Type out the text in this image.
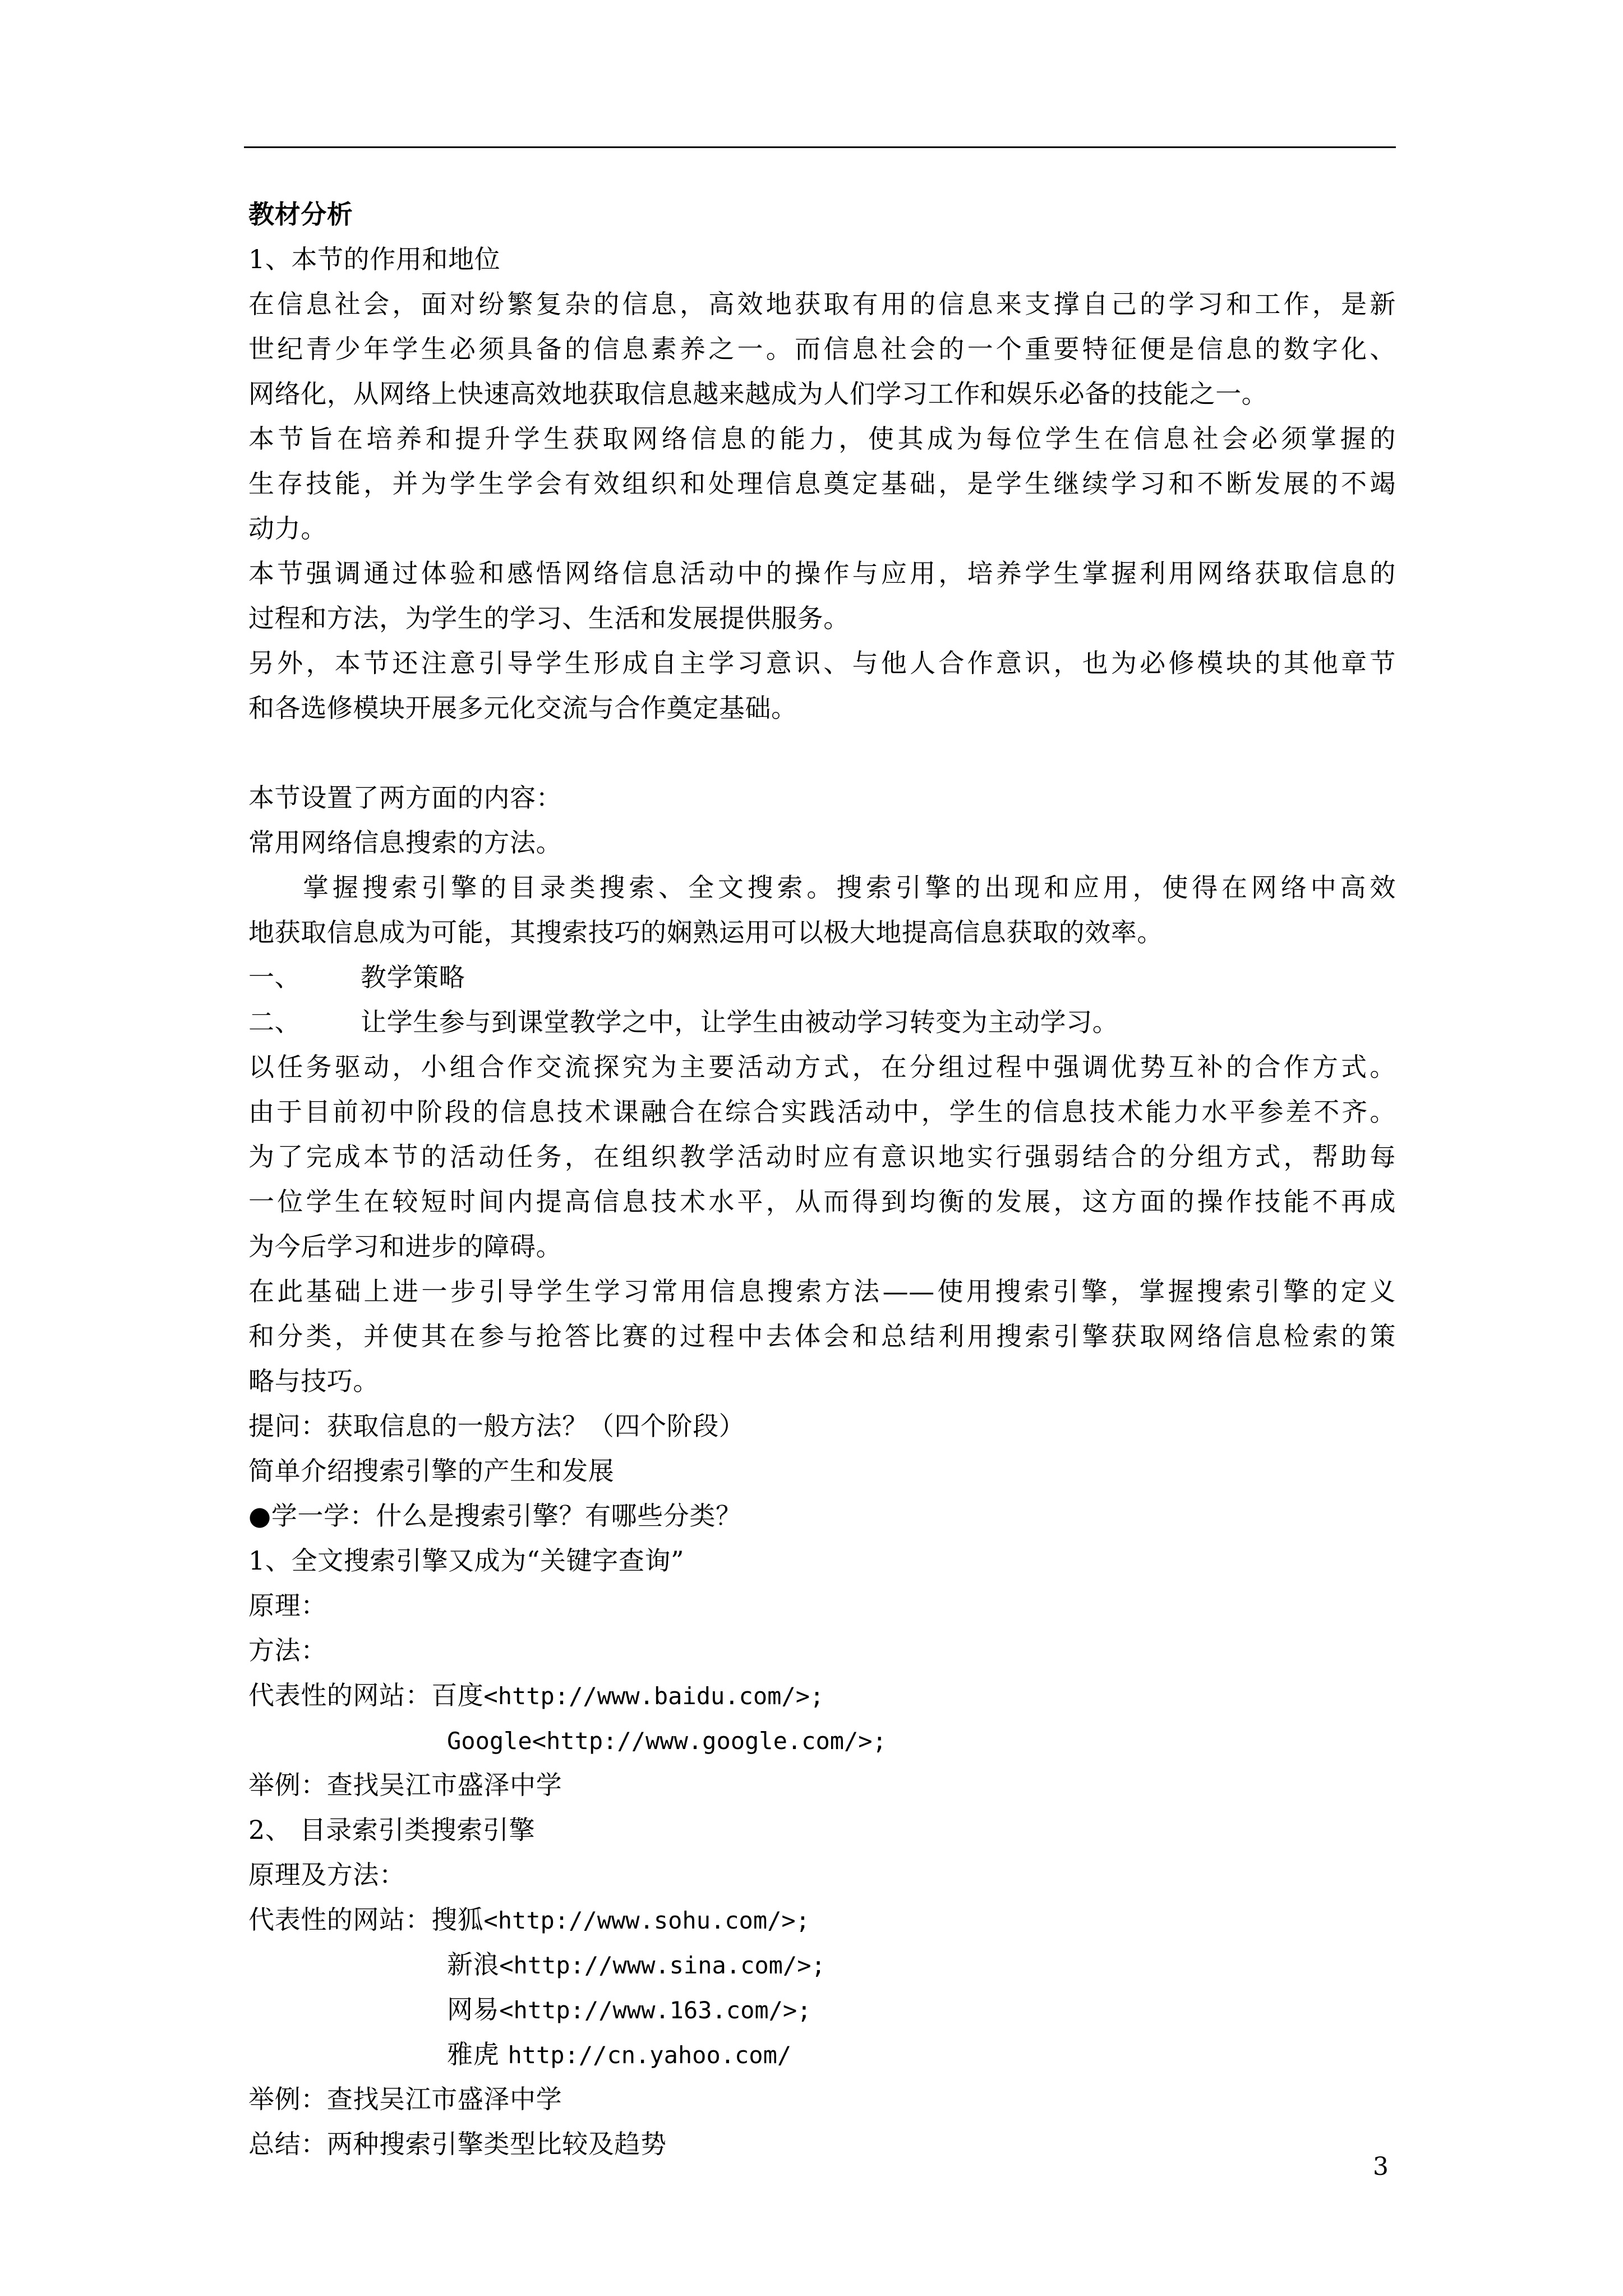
教材分析
1、本节的作用和地位
在信息社会，面对纷繁复杂的信息，高效地获取有用的信息来支撑自己的学习和工作，是新
世纪青少年学生必须具备的信息素养之一。而信息社会的一个重要特征便是信息的数字化、
网络化，从网络上快速高效地获取信息越来越成为人们学习工作和娱乐必备的技能之一。
本节旨在培养和提升学生获取网络信息的能力，使其成为每位学生在信息社会必须掌握的
生存技能，并为学生学会有效组织和处理信息奠定基础，是学生继续学习和不断发展的不竭
动力。
本节强调通过体验和感悟网络信息活动中的操作与应用，培养学生掌握利用网络获取信息的
过程和方法，为学生的学习、生活和发展提供服务。
另外，本节还注意引导学生形成自主学习意识、与他人合作意识，也为必修模块的其他章节
和各选修模块开展多元化交流与合作奠定基础。
本节设置了两方面的内容：
常用网络信息搜索的方法。
掌握搜索引擎的目录类搜索、全文搜索。搜索引擎的出现和应用，使得在网络中高效
地获取信息成为可能，其搜索技巧的娴熟运用可以极大地提高信息获取的效率。
一、 教学策略
二、 让学生参与到课堂教学之中，让学生由被动学习转变为主动学习。
以任务驱动，小组合作交流探究为主要活动方式，在分组过程中强调优势互补的合作方式。
由于目前初中阶段的信息技术课融合在综合实践活动中，学生的信息技术能力水平参差不齐。
为了完成本节的活动任务，在组织教学活动时应有意识地实行强弱结合的分组方式，帮助每
一位学生在较短时间内提高信息技术水平，从而得到均衡的发展，这方面的操作技能不再成
为今后学习和进步的障碍。
在此基础上进一步引导学生学习常用信息搜索方法——使用搜索引擎，掌握搜索引擎的定义
和分类，并使其在参与抢答比赛的过程中去体会和总结利用搜索引擎获取网络信息检索的策
略与技巧。
提问：获取信息的一般方法？（四个阶段）
简单介绍搜索引擎的产生和发展
●学一学：什么是搜索引擎？有哪些分类？
1、全文搜索引擎又成为“关键字查询”
原理：
方法：
代表性的网站：百度<http://www.baidu.com/>;
Google<http://www.google.com/>;
举例：查找吴江市盛泽中学
2、 目录索引类搜索引擎
原理及方法：
代表性的网站：搜狐<http://www.sohu.com/>;
新浪<http://www.sina.com/>;
网易<http://www.163.com/>;
雅虎 http://cn.yahoo.com/
举例：查找吴江市盛泽中学
总结：两种搜索引擎类型比较及趋势
3
